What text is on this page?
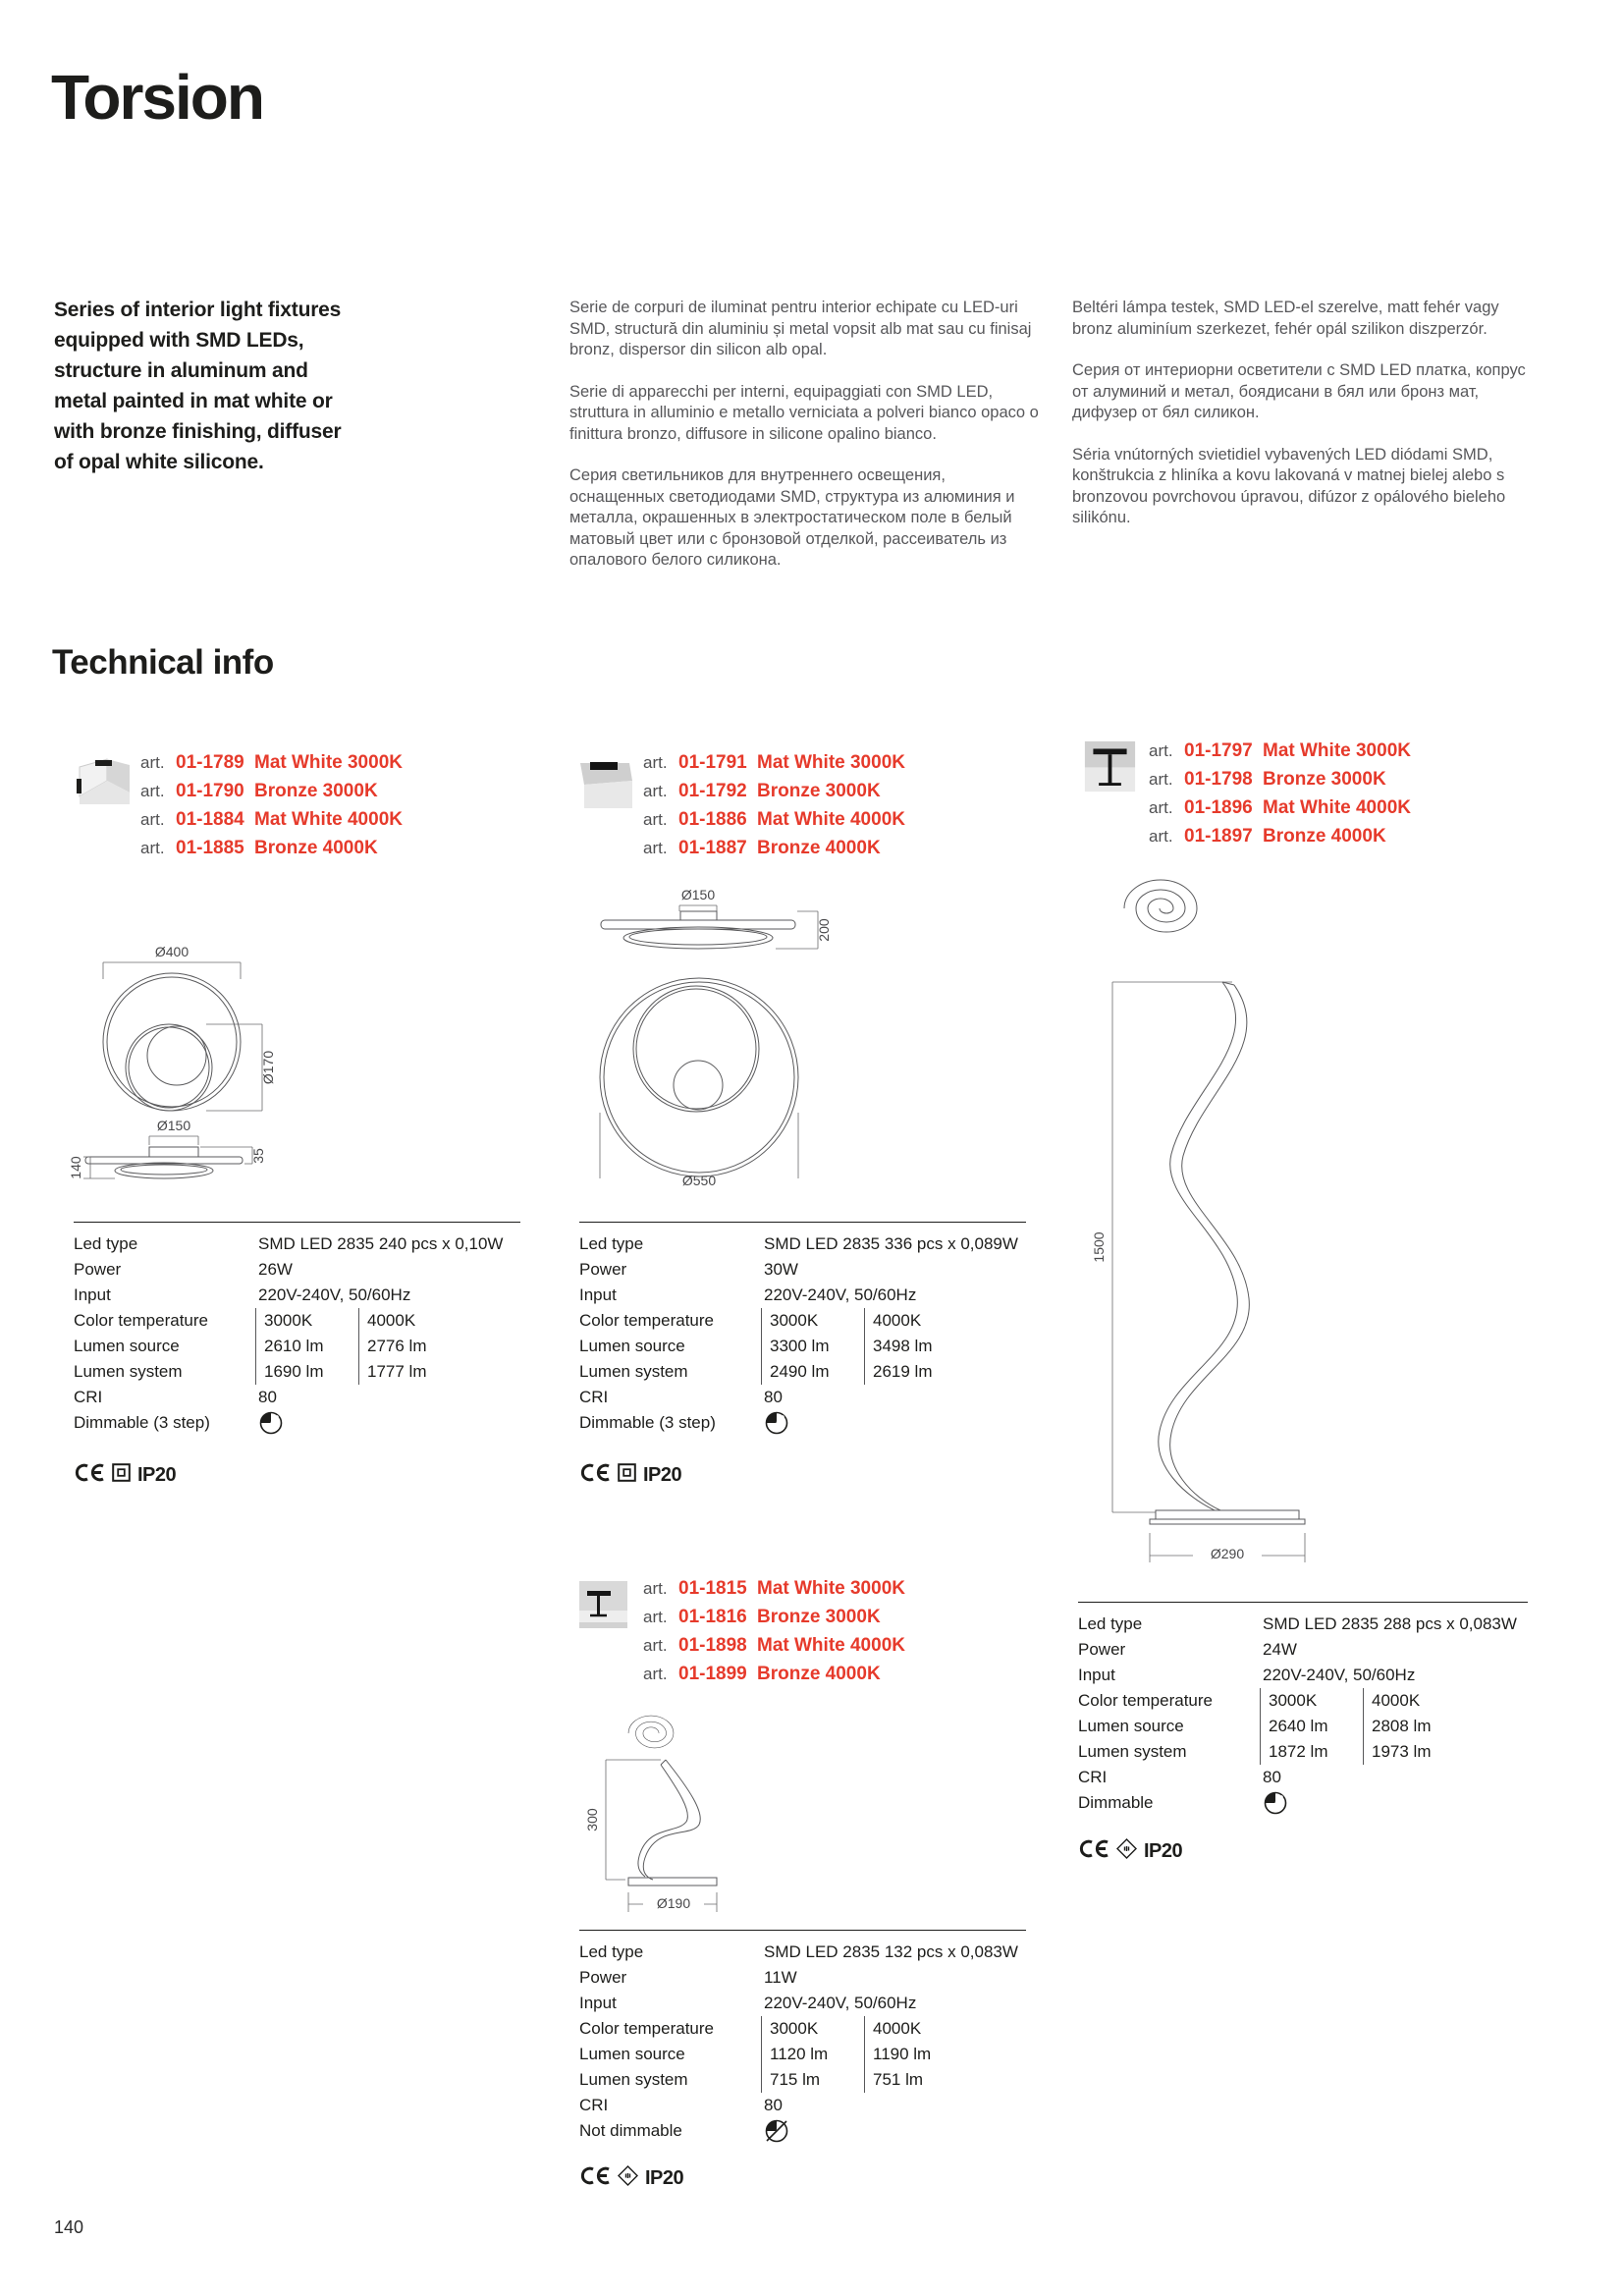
Torsion
Series of interior light fixtures equipped with SMD LEDs, structure in aluminum and metal painted in mat white or with bronze finishing, diffuser of opal white silicone.

Serie de corpuri de iluminat pentru interior echipate cu LED-uri SMD, structură din aluminiu și metal vopsit alb mat sau cu finisaj bronz, dispersor din silicon alb opal.

Serie di apparecchi per interni, equipaggiati con SMD LED, struttura in alluminio e metallo verniciata a polveri bianco opaco o finittura bronzo, diffusore in silicone opalino bianco.

Серия светильников для внутреннего освещения, оснащенных светодиодами SMD, структура из алюминия и металла, окрашенных в электростатическом поле в белый матовый цвет или с бронзовой отделкой, рассеиватель из опалового белого силикона.

Beltéri lámpa testek, SMD LED-el szerelve, matt fehér vagy bronz aluminíum szerkezet, fehér opál szilikon diszperzór.

Серия от интериорни осветители с SMD LED платка, копрус от алуминий и метал, боядисани в бял или бронз мат, дифузер от бял силикон.

Séria vnútorných svietidiel vybavených LED diódami SMD, konštrukcia z hliníka a kovu lakovaná v matnej bielej alebo s bronzovou povrchovou úpravou, difúzor z opálového bieleho silikónu.

Technical info
art. 01-1789 Mat White 3000K
art. 01-1790 Bronze 3000K
art. 01-1884 Mat White 4000K
art. 01-1885 Bronze 4000K
Ø400
Ø170
Ø150
35
140
Led type	SMD LED 2835 240 pcs x 0,10W
Power	26W
Input	220V-240V, 50/60Hz
Color temperature	3000K	4000K
Lumen source	2610 lm	2776 lm
Lumen system	1690 lm	1777 lm
CRI	80
Dimmable (3 step)
IP20
art. 01-1791 Mat White 3000K
art. 01-1792 Bronze 3000K
art. 01-1886 Mat White 4000K
art. 01-1887 Bronze 4000K
Ø150
200
Ø550
Led type	SMD LED 2835 336 pcs x 0,089W
Power	30W
Input	220V-240V, 50/60Hz
Color temperature	3000K	4000K
Lumen source	3300 lm	3498 lm
Lumen system	2490 lm	2619 lm
CRI	80
Dimmable (3 step)
IP20
art. 01-1797 Mat White 3000K
art. 01-1798 Bronze 3000K
art. 01-1896 Mat White 4000K
art. 01-1897 Bronze 4000K
1500
Ø290
Led type	SMD LED 2835 288 pcs x 0,083W
Power	24W
Input	220V-240V, 50/60Hz
Color temperature	3000K	4000K
Lumen source	2640 lm	2808 lm
Lumen system	1872 lm	1973 lm
CRI	80
Dimmable
IP20
art. 01-1815 Mat White 3000K
art. 01-1816 Bronze 3000K
art. 01-1898 Mat White 4000K
art. 01-1899 Bronze 4000K
300
Ø190
Led type	SMD LED 2835 132 pcs x 0,083W
Power	11W
Input	220V-240V, 50/60Hz
Color temperature	3000K	4000K
Lumen source	1120 lm	1190 lm
Lumen system	715 lm	751 lm
CRI	80
Not dimmable
IP20
140
